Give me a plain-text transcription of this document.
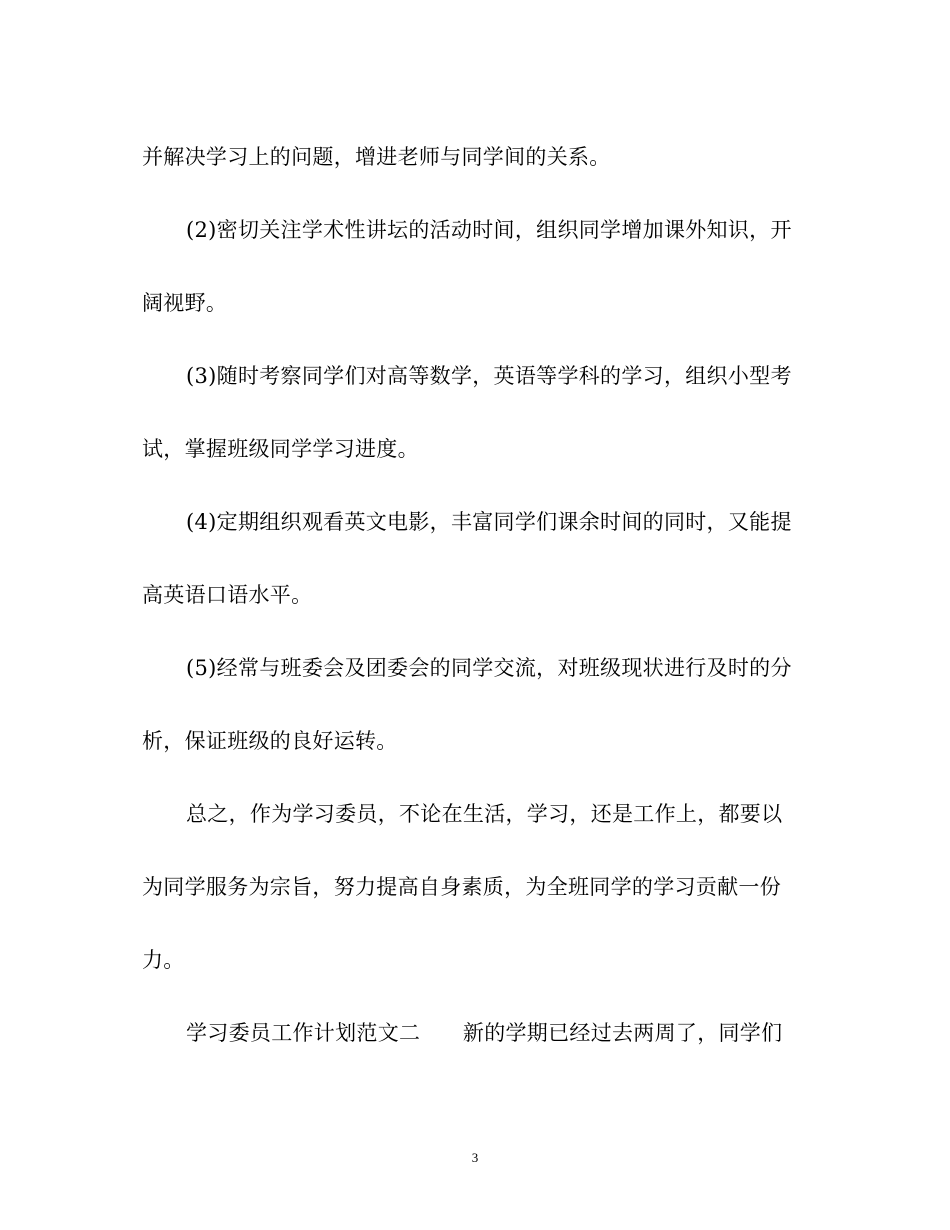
并解决学习上的问题，增进老师与同学间的关系。
(2)密切关注学术性讲坛的活动时间，组织同学增加课外知识，开
阔视野。
(3)随时考察同学们对高等数学，英语等学科的学习，组织小型考
试，掌握班级同学学习进度。
(4)定期组织观看英文电影，丰富同学们课余时间的同时，又能提
高英语口语水平。
(5)经常与班委会及团委会的同学交流，对班级现状进行及时的分
析，保证班级的良好运转。
总之，作为学习委员，不论在生活，学习，还是工作上，都要以
为同学服务为宗旨，努力提高自身素质，为全班同学的学习贡献一份
力。
学习委员工作计划范文二　　新的学期已经过去两周了，同学们
3
